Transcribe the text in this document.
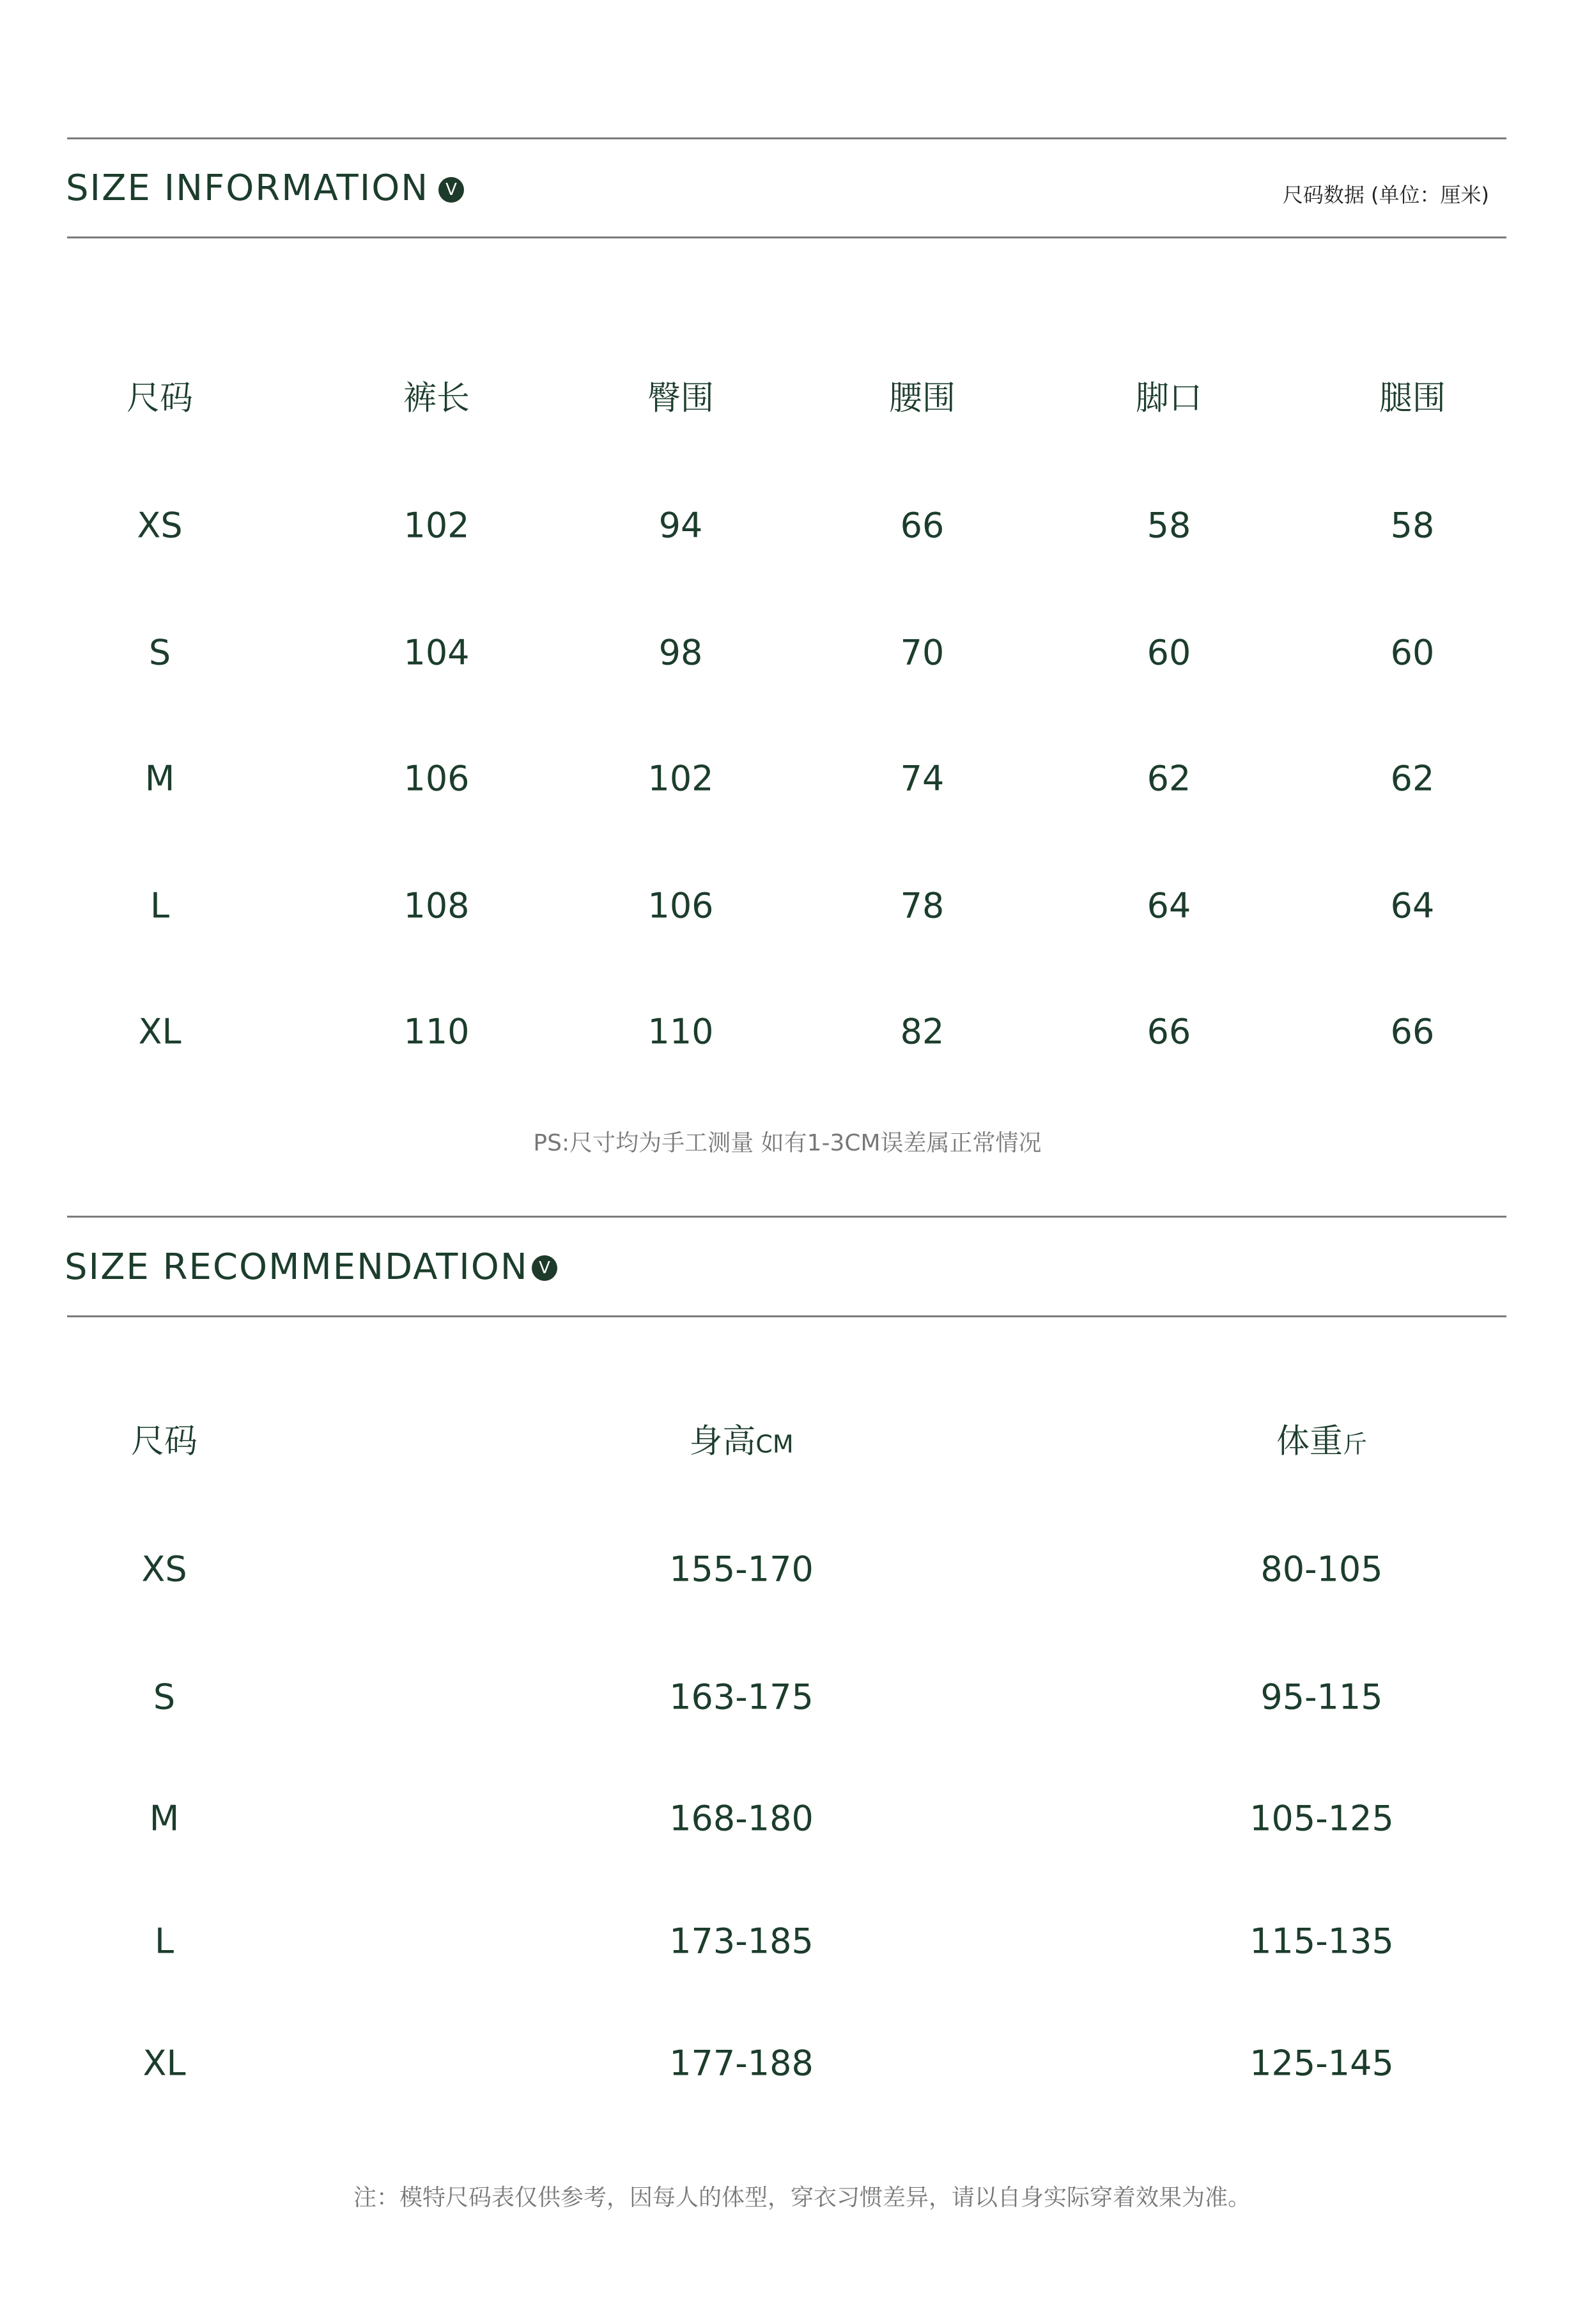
SIZE INFORMATION V	尺码数据 (单位：厘米)
尺码	裤长	臀围	腰围	脚口	腿围
XS	102	94	66	58	58
S	104	98	70	60	60
M	106	102	74	62	62
L	108	106	78	64	64
XL	110	110	82	66	66
PS:尺寸均为手工测量 如有1-3CM误差属正常情况
SIZE RECOMMENDATION V
尺码	身高CM	体重斤
XS	155-170	80-105
S	163-175	95-115
M	168-180	105-125
L	173-185	115-135
XL	177-188	125-145
注：模特尺码表仅供参考，因每人的体型，穿衣习惯差异，请以自身实际穿着效果为准。
